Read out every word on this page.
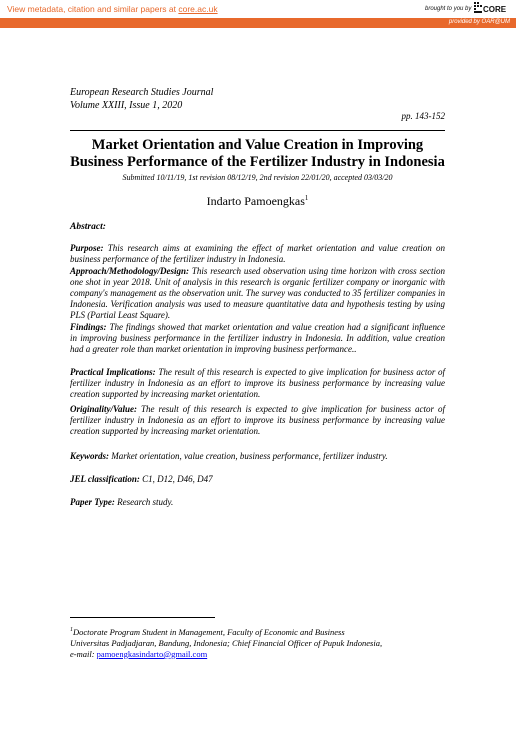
View metadata, citation and similar papers at core.ac.uk	brought to you by CORE
provided by OAR@UM
European Research Studies Journal
Volume XXIII, Issue 1, 2020
pp. 143-152
Market Orientation and Value Creation in Improving
Business Performance of the Fertilizer Industry in Indonesia
Submitted 10/11/19, 1st revision 08/12/19, 2nd revision 22/01/20, accepted 03/03/20
Indarto Pamoengkas$^1$
Abstract:
Purpose: This research aims at examining the effect of market orientation and value creation on business performance of the fertilizer industry in Indonesia.
Approach/Methodology/Design: This research used observation using time horizon with cross section one shot in year 2018. Unit of analysis in this research is organic fertilizer company or inorganic with company's management as the observation unit. The survey was conducted to 35 fertilizer companies in Indonesia. Verification analysis was used to measure quantitative data and hypothesis testing by using PLS (Partial Least Square).
Findings: The findings showed that market orientation and value creation had a significant influence in improving business performance in the fertilizer industry in Indonesia. In addition, value creation had a greater role than market orientation in improving business performance..
Practical Implications: The result of this research is expected to give implication for business actor of fertilizer industry in Indonesia as an effort to improve its business performance by increasing value creation supported by increasing market orientation.
Originality/Value: The result of this research is expected to give implication for business actor of fertilizer industry in Indonesia as an effort to improve its business performance by increasing value creation supported by increasing market orientation.
Keywords: Market orientation, value creation, business performance, fertilizer industry.
JEL classification: C1, D12, D46, D47
Paper Type: Research study.
$^1$Doctorate Program Student in Management, Faculty of Economic and Business
Universitas Padjadjaran, Bandung, Indonesia; Chief Financial Officer of Pupuk Indonesia,
e-mail: pamoengkasindarto@gmail.com
